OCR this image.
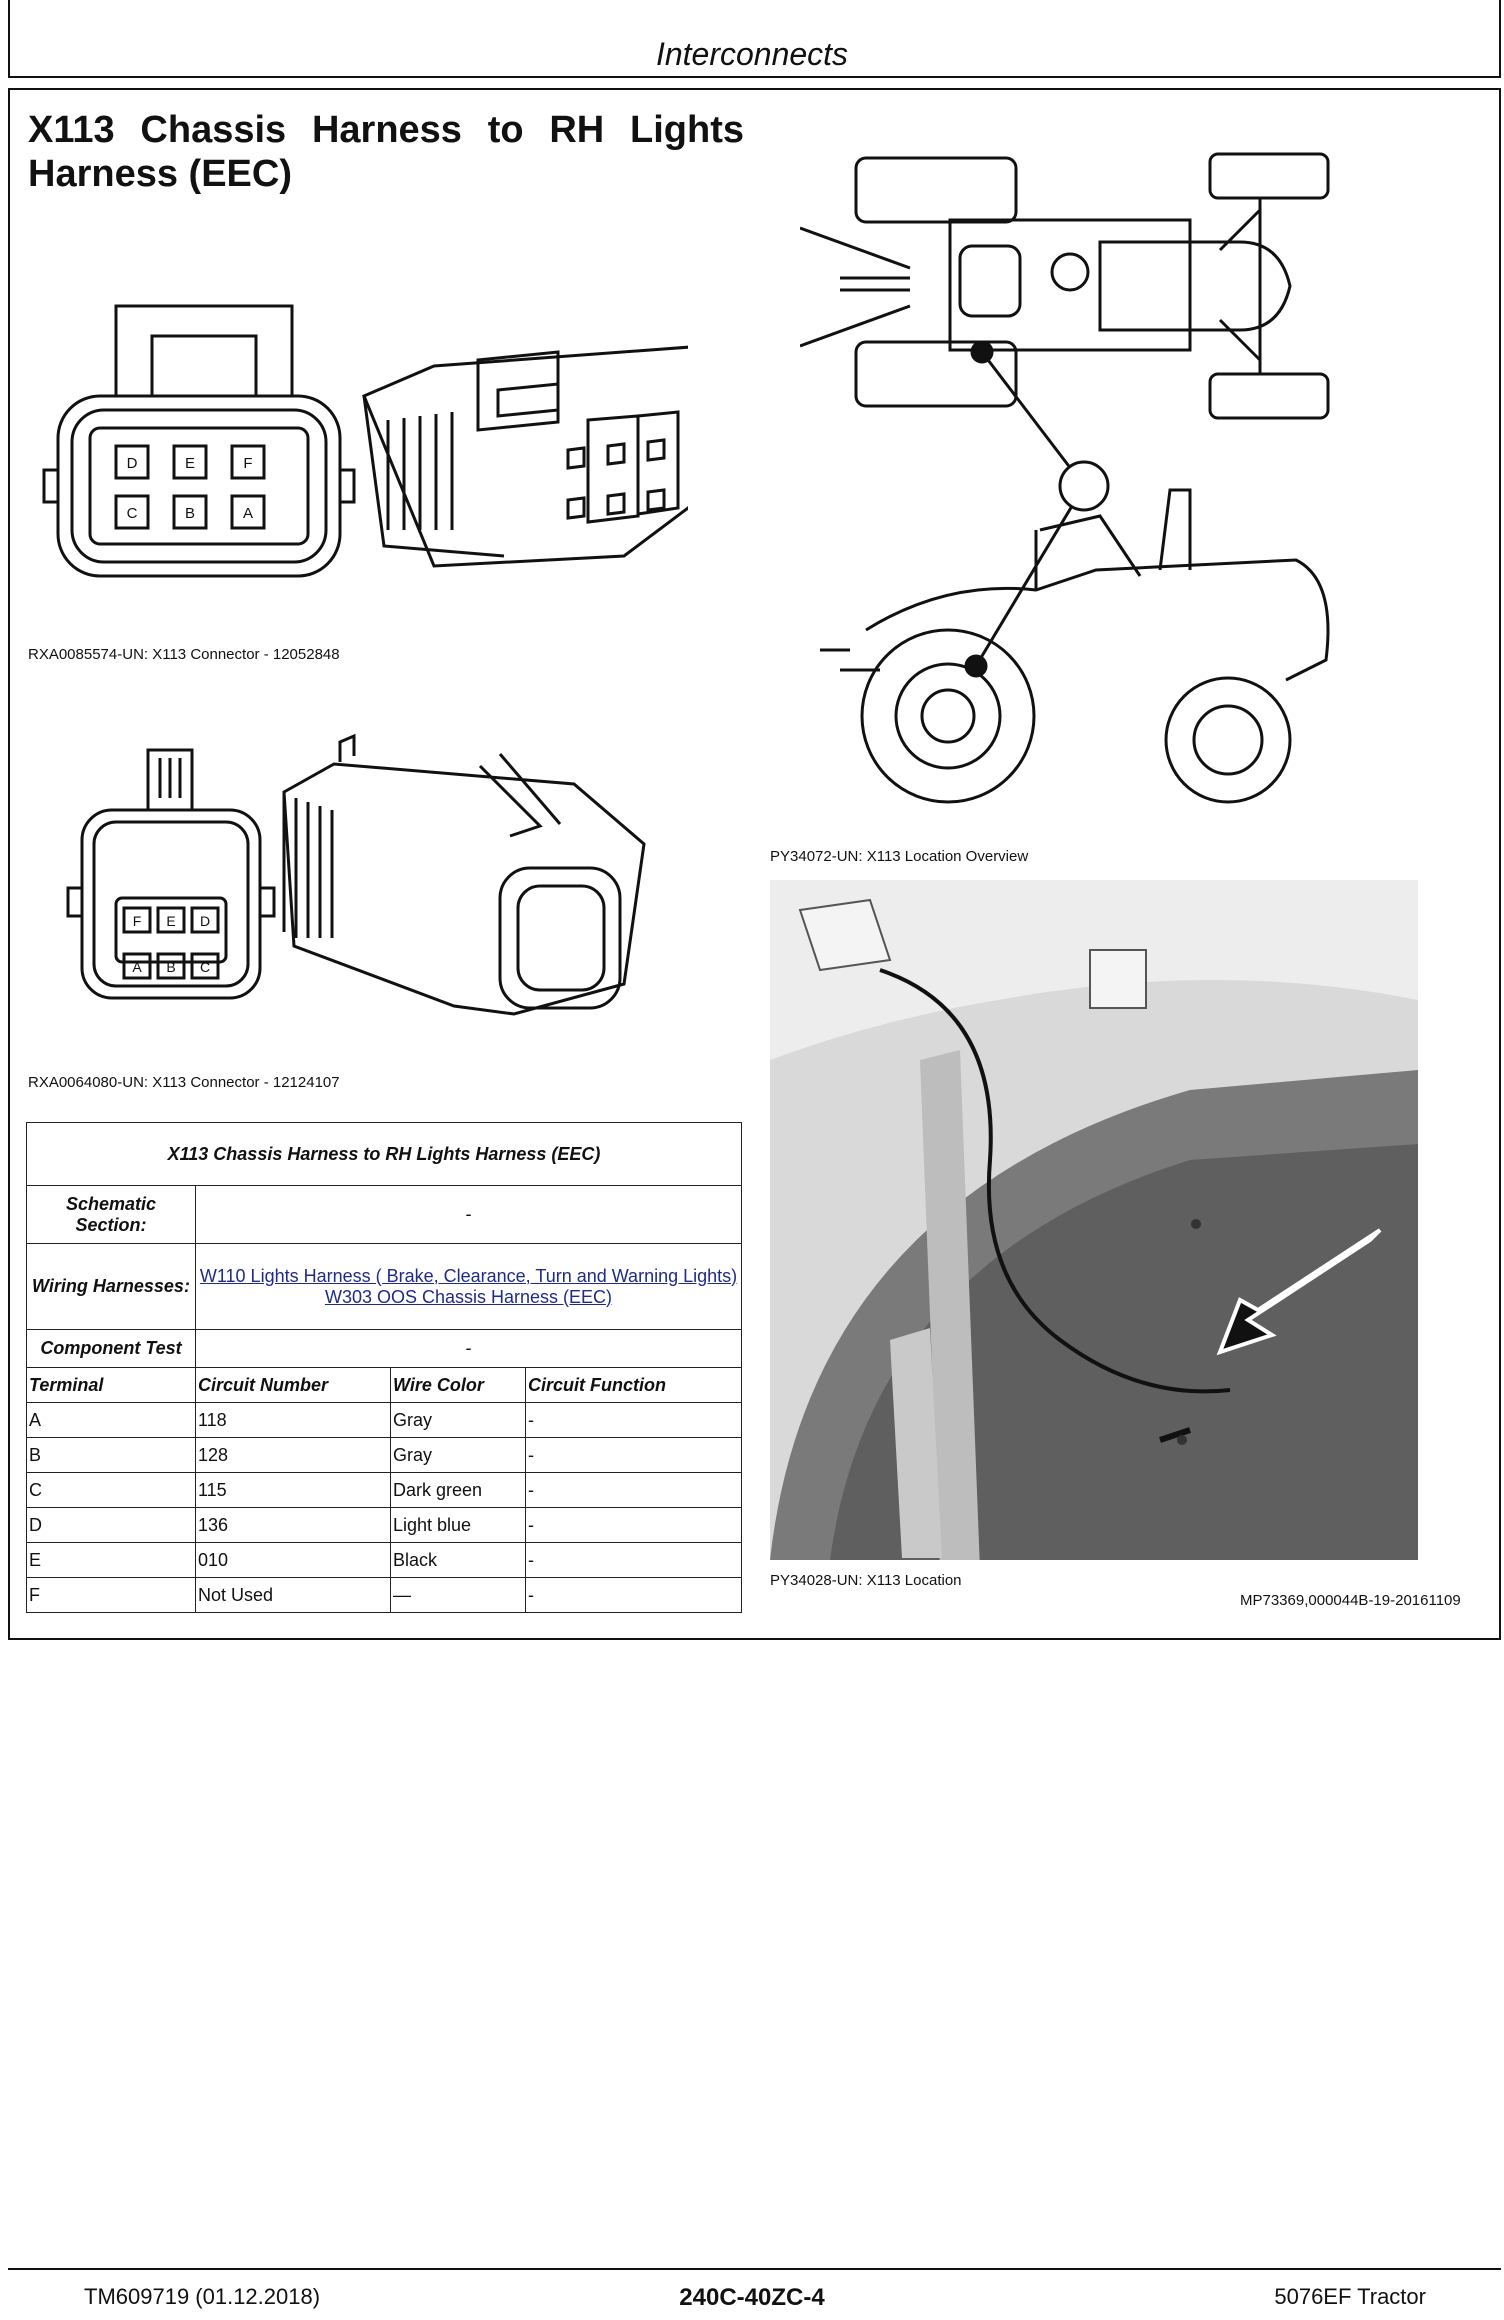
Interconnects
X113 Chassis Harness to RH Lights Harness (EEC)
D	E	F
C	B	A
RXA0085574-UN: X113 Connector - 12052848
F E D
A B C
RXA0064080-UN: X113 Connector - 12124107
PY34072-UN: X113 Location Overview
PY34028-UN: X113 Location
MP73369,000044B-19-20161109
X113 Chassis Harness to RH Lights Harness (EEC)			
Schematic Section:	-		
Wiring Harnesses:	W110 Lights Harness ( Brake, Clearance, Turn and Warning Lights)
W303 OOS Chassis Harness (EEC)		

Component Test	-		
Terminal	Circuit Number	Wire Color	Circuit Function
A	118	Gray	-
B	128	Gray	-
C	115	Dark green	-
D	136	Light blue	-
E	010	Black	-
F	Not Used	—	-
TM609719 (01.12.2018)	240C-40ZC-4	5076EF Tractor
